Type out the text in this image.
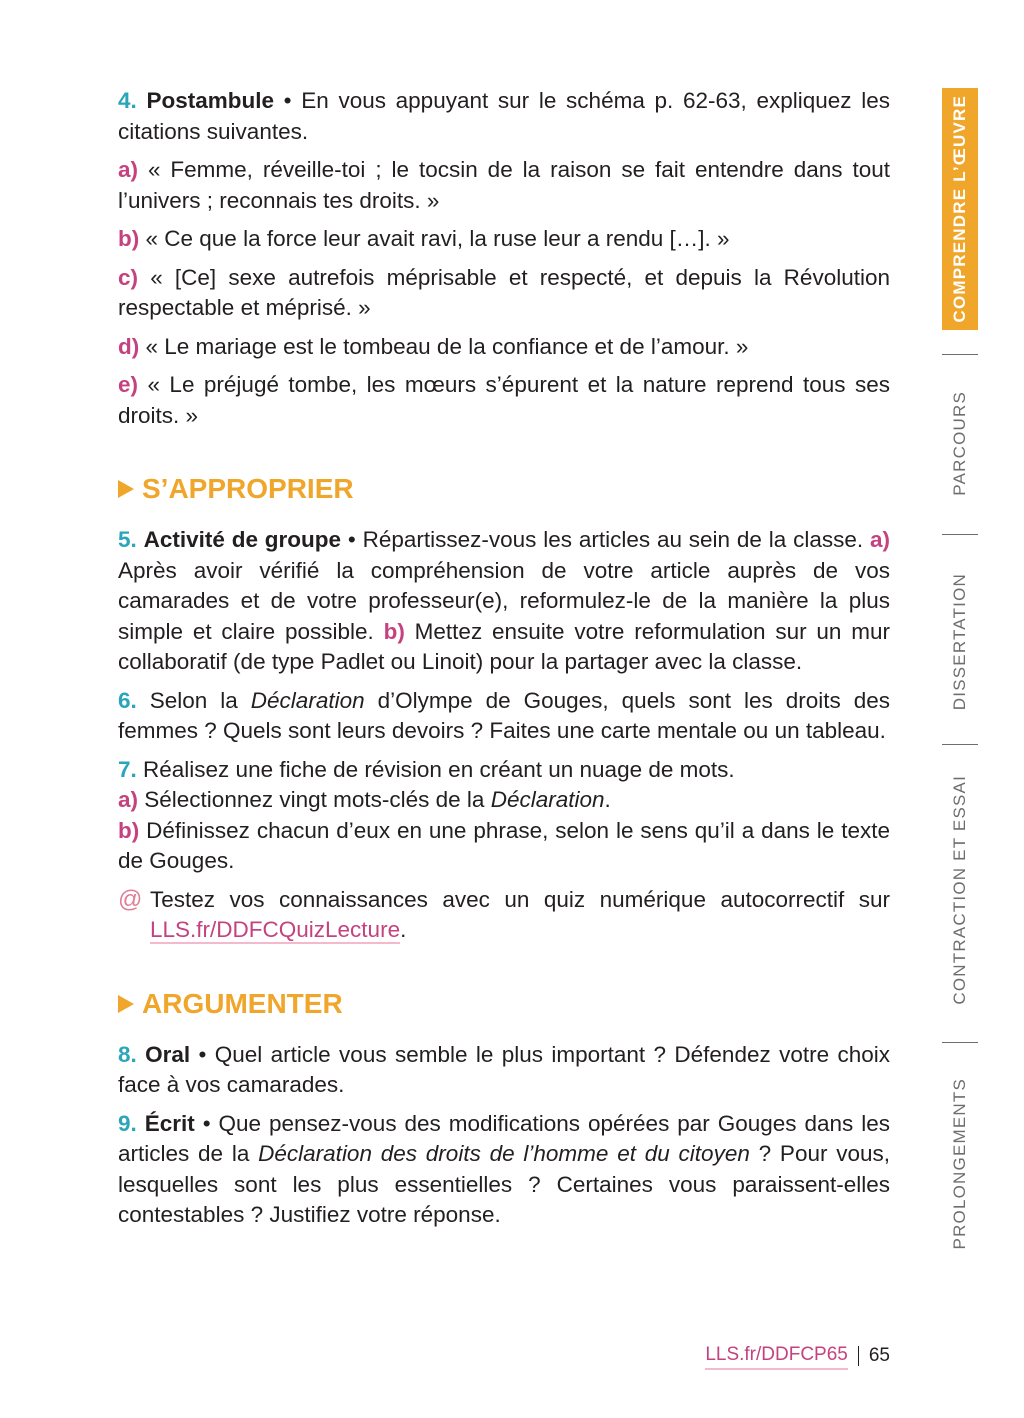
4. Postambule • En vous appuyant sur le schéma p. 62-63, expliquez les citations suivantes.

a) « Femme, réveille-toi ; le tocsin de la raison se fait entendre dans tout l’univers ; reconnais tes droits. »

b) « Ce que la force leur avait ravi, la ruse leur a rendu […]. »

c) « [Ce] sexe autrefois méprisable et respecté, et depuis la Révolution respectable et méprisé. »

d) « Le mariage est le tombeau de la confiance et de l’amour. »

e) « Le préjugé tombe, les mœurs s’épurent et la nature reprend tous ses droits. »

S’APPROPRIER

5. Activité de groupe • Répartissez-vous les articles au sein de la classe. a) Après avoir vérifié la compréhension de votre article auprès de vos camarades et de votre professeur(e), reformulez-le de la manière la plus simple et claire possible. b) Mettez ensuite votre reformulation sur un mur collaboratif (de type Padlet ou Linoit) pour la partager avec la classe.

6. Selon la Déclaration d’Olympe de Gouges, quels sont les droits des femmes ? Quels sont leurs devoirs ? Faites une carte mentale ou un tableau.

7. Réalisez une fiche de révision en créant un nuage de mots.

a) Sélectionnez vingt mots-clés de la Déclaration.

b) Définissez chacun d’eux en une phrase, selon le sens qu’il a dans le texte de Gouges.

@ Testez vos connaissances avec un quiz numérique autocorrectif sur LLS.fr/DDFCQuizLecture.
ARGUMENTER

8. Oral • Quel article vous semble le plus important ? Défendez votre choix face à vos camarades.

9. Écrit • Que pensez-vous des modifications opérées par Gouges dans les articles de la Déclaration des droits de l’homme et du citoyen ? Pour vous, lesquelles sont les plus essentielles ? Certaines vous paraissent-elles contestables ? Justifiez votre réponse.

COMPRENDRE L’ŒUVRE
PARCOURS
DISSERTATION
CONTRACTION ET ESSAI
PROLONGEMENTS
LLS.fr/DDFCP65 65
